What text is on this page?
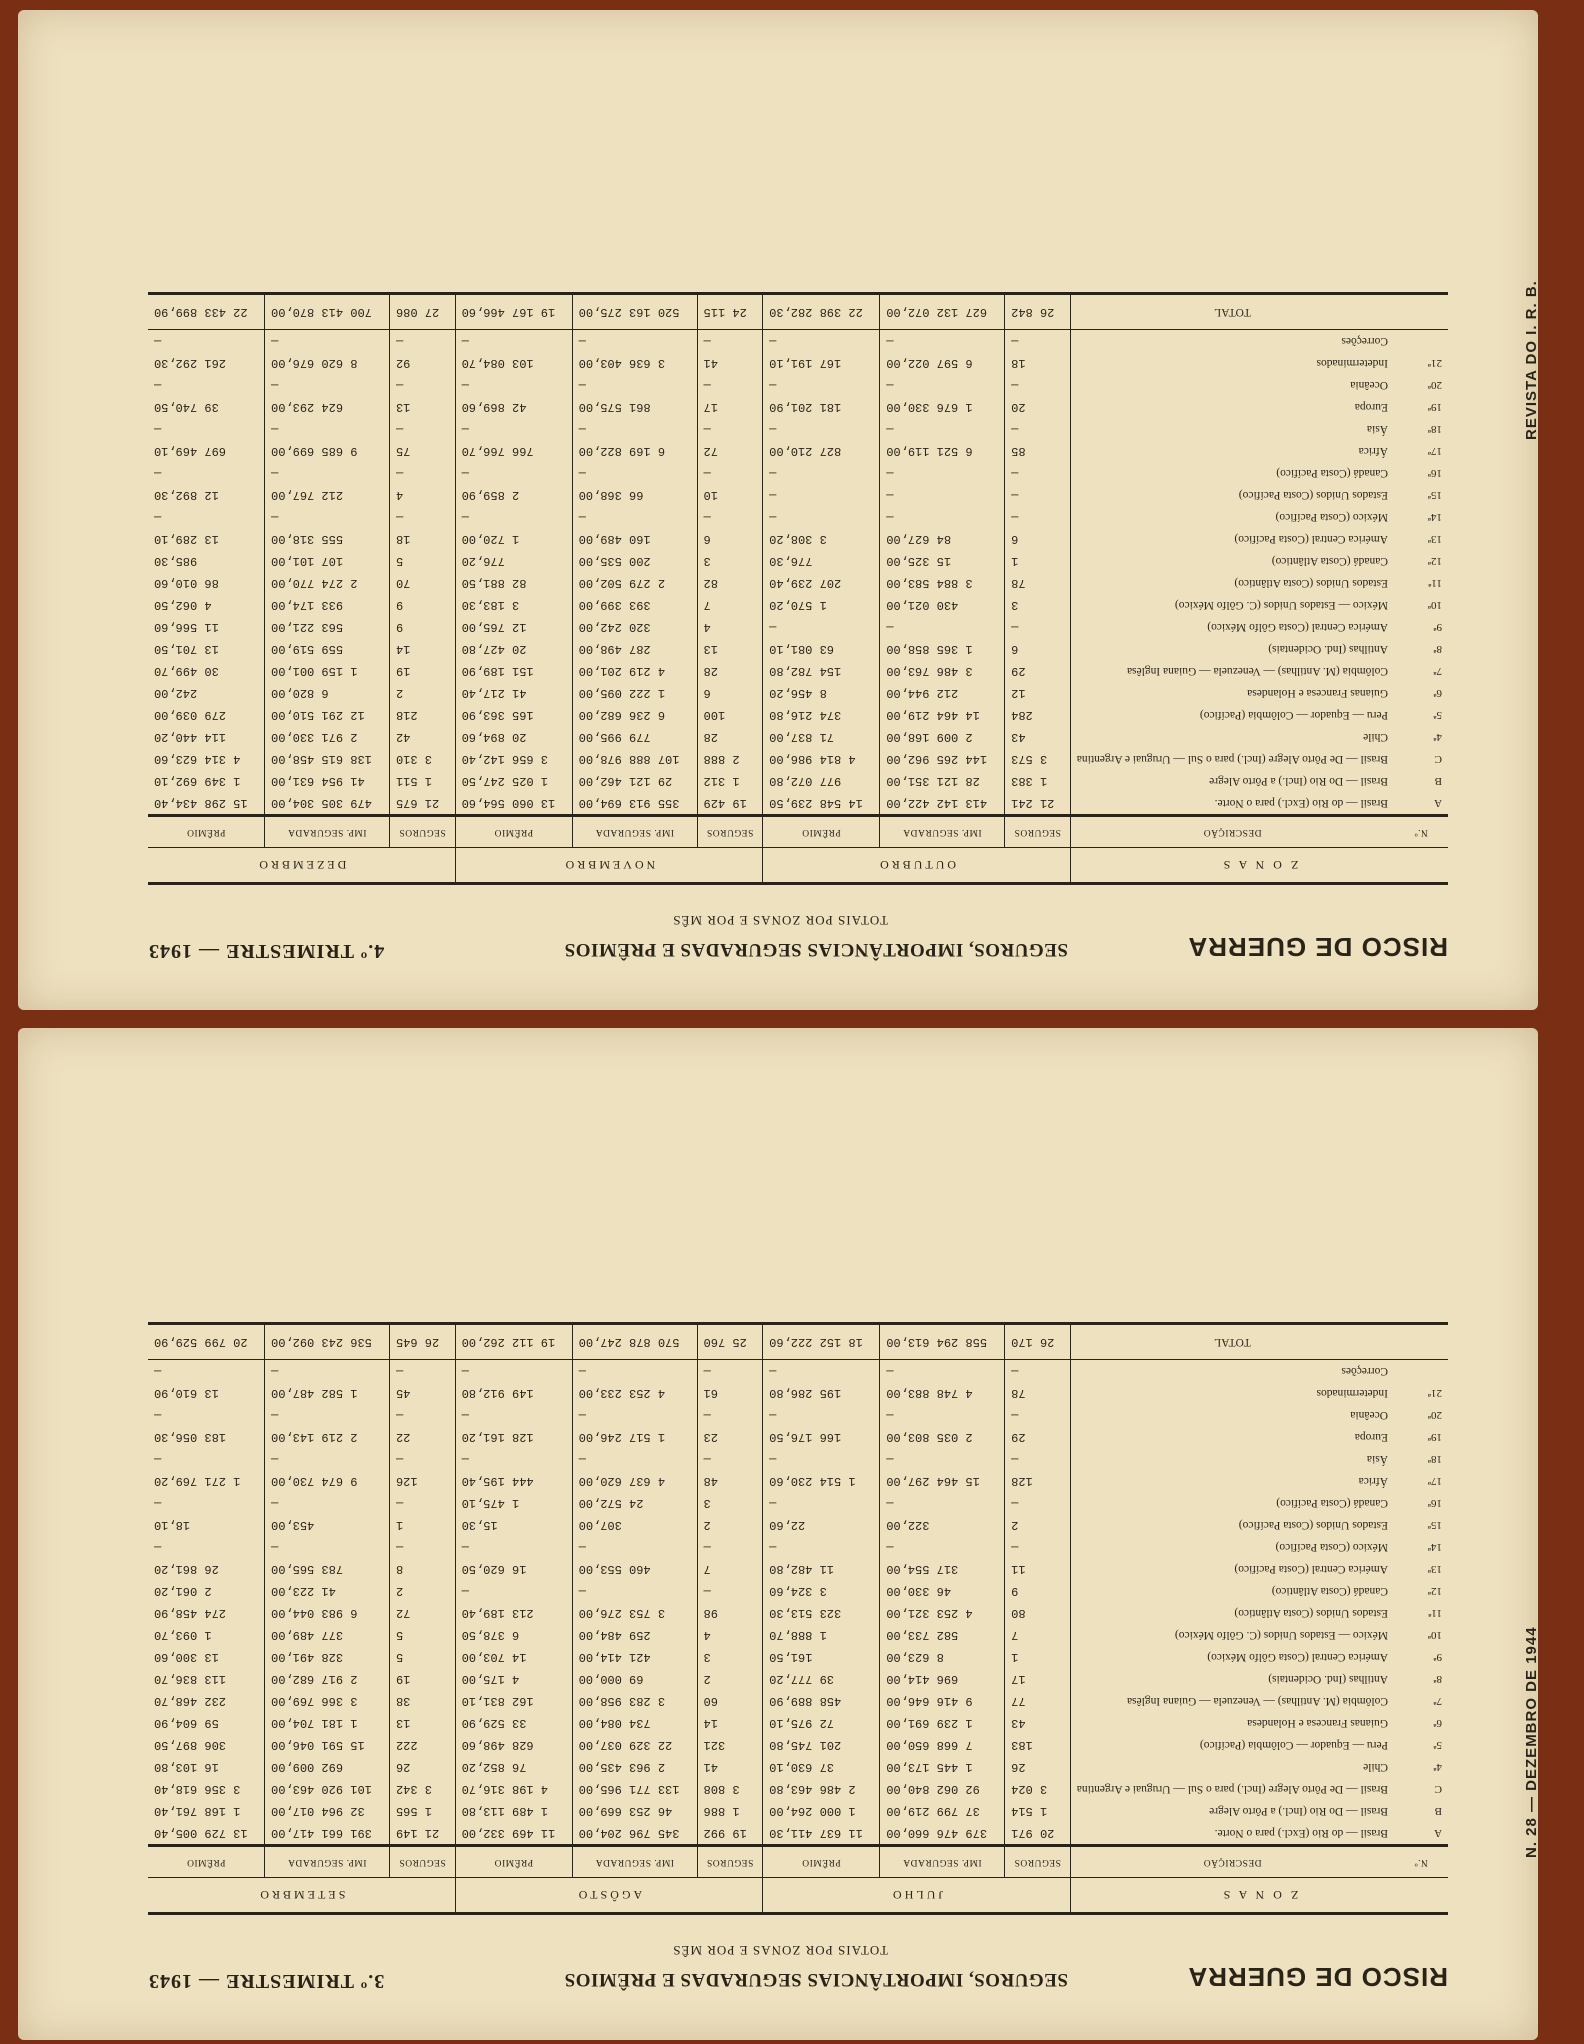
RISCO DE GUERRA
SEGUROS, IMPORTÂNCIAS SEGURADAS E PRÊMIOS
TOTAIS POR ZONAS E POR MÊS
4.º TRIMESTRE — 1943
Z O N A S		OUTUBRO			NOVEMBRO			DEZEMBRO		
N.º	DESCRIÇÃO	SEGUROS	IMP. SEGURADA	PRÊMIO	SEGUROS	IMP. SEGURADA	PRÊMIO	SEGUROS	IMP. SEGURADA	PRÊMIO
A	Brasil — do Rio (Excl.) para o Norte.	21 241	413 142 422,00	14 548 239,50	19 429	355 913 694,00	13 060 564,60	21 675	479 305 304,00	15 298 434,40
B	Brasil — Do Rio (Incl.) a Pôrto Alegre	1 383	28 121 351,00	977 072,80	1 312	29 121 462,00	1 025 247,50	1 511	41 954 631,00	1 349 692,10
C	Brasil — De Pôrto Alegre (Incl.) para o Sul — Uruguai e Argentina	3 573	144 265 962,00	4 814 986,00	2 888	107 888 978,00	3 656 142,40	3 310	138 615 458,00	4 314 623,60
4ª	Chile	43	2 009 168,00	71 837,00	28	779 995,00	20 894,60	42	2 971 330,00	114 440,20
5ª	Peru — Equador — Colômbia (Pacífico)	284	14 464 219,00	374 216,80	100	6 236 682,00	165 363,90	218	12 291 510,00	279 039,00
6ª	Guianas Francesa e Holandesa	12	212 944,00	8 456,20	6	1 222 095,00	41 217,40	2	6 820,00	242,00
7ª	Colômbia (M. Antilhas) — Venezuela — Guiana Inglêsa	29	3 486 763,00	154 782,80	28	4 219 201,00	151 189,90	19	1 159 001,00	30 499,70
8ª	Antilhas (Ind. Ocidentais)	6	1 365 858,00	63 081,10	13	287 498,00	20 427,80	14	559 519,00	13 701,50
9ª	América Central (Costa Gôlfo México)	—	—	—	4	320 242,00	12 765,00	9	563 221,00	11 566,60
10ª	México — Estados Unidos (C. Gôlfo México)	3	430 021,00	1 570,20	7	393 399,00	3 183,30	9	933 174,00	4 062,50
11ª	Estados Unidos (Costa Atlântico)	78	3 884 583,00	207 239,40	82	2 279 502,00	82 881,50	70	2 274 770,00	86 010,60
12ª	Canadá (Costa Atlântico)	1	15 325,00	776,30	3	200 535,00	776,20	5	107 101,00	985,30
13ª	América Central (Costa Pacífico)	6	84 627,00	3 308,20	6	160 489,00	1 720,00	18	555 318,00	13 289,10
14ª	México (Costa Pacífico)	—	—	—	—	—	—	—	—	—
15ª	Estados Unidos (Costa Pacífico)	—	—	—	10	66 368,00	2 859,90	4	212 767,00	12 892,30
16ª	Canadá (Costa Pacífico)	—	—	—	—	—	—	—	—	—
17ª	África	85	6 521 119,00	827 210,00	72	6 169 822,00	766 766,70	75	9 685 699,00	697 469,10
18ª	Ásia	—	—	—	—	—	—	—	—	—
19ª	Europa	20	1 676 330,00	181 201,90	17	861 575,00	42 869,60	13	624 293,00	39 740,50
20ª	Oceânia	—	—	—	—	—	—	—	—	—
21ª	Indeterminados	18	6 597 022,00	167 191,10	41	3 636 403,00	103 084,70	92	8 620 676,00	261 292,30
	Correções	—	—	—	—	—	—	—	—	—
	TOTAL	26 842	627 132 072,00	22 398 282,30	24 115	520 163 275,00	19 167 466,60	27 086	700 413 870,00	22 433 899,90	REVISTA DO I. R. B.
RISCO DE GUERRA
SEGUROS, IMPORTÂNCIAS SEGURADAS E PRÊMIOS
TOTAIS POR ZONAS E POR MÊS
3.º TRIMESTRE — 1943
Z O N A S		JULHO			AGÔSTO			SETEMBRO		
N.º	DESCRIÇÃO	SEGUROS	IMP. SEGURADA	PRÊMIO	SEGUROS	IMP. SEGURADA	PRÊMIO	SEGUROS	IMP. SEGURADA	PRÊMIO
A	Brasil — do Rio (Excl.) para o Norte.	20 971	379 476 660,00	11 637 411,30	19 992	345 796 204,00	11 469 332,00	21 149	391 661 417,00	13 729 005,40
B	Brasil — Do Rio (Incl.) a Pôrto Alegre	1 514	37 799 219,00	1 000 264,00	1 886	46 253 669,00	1 489 113,80	1 565	32 964 017,00	1 168 761,40
C	Brasil — De Pôrto Alegre (Incl.) para o Sul — Uruguai e Argentina	3 024	92 062 840,00	2 486 463,80	3 808	133 771 965,00	4 198 316,70	3 342	101 920 463,00	3 356 618,40
4ª	Chile	26	1 445 173,00	37 630,10	41	2 963 435,00	76 852,20	26	692 009,00	16 103,80
5ª	Peru — Equador — Colômbia (Pacífico)	183	7 668 650,00	201 745,80	321	22 329 037,00	628 498,60	222	15 591 046,00	306 897,50
6ª	Guianas Francesa e Holandesa	43	1 239 691,00	72 975,10	14	734 084,00	33 529,90	13	1 181 704,00	59 604,90
7ª	Colômbia (M. Antilhas) — Venezuela — Guiana Inglêsa	77	9 416 646,00	458 889,90	60	3 283 958,00	162 831,10	38	3 366 769,00	232 468,70
8ª	Antilhas (Ind. Ocidentais)	17	696 414,00	39 777,20	2	69 000,00	4 175,00	19	2 917 682,00	113 836,70
9ª	América Central (Costa Gôlfo México)	1	8 623,00	161,50	3	421 414,00	14 703,00	5	328 491,00	13 300,60
10ª	México — Estados Unidos (C. Gôlfo México)	7	582 733,00	1 888,70	4	259 484,00	6 378,50	5	377 489,00	1 093,70
11ª	Estados Unidos (Costa Atlântico)	80	4 253 321,00	323 513,30	98	3 753 276,00	213 189,40	72	6 983 044,00	274 458,90
12ª	Canadá (Costa Atlântico)	9	46 330,00	3 324,60	—	—	—	2	41 223,00	2 061,20
13ª	América Central (Costa Pacífico)	11	317 554,00	11 482,80	7	460 553,00	16 620,50	8	783 565,00	26 861,20
14ª	México (Costa Pacífico)	—	—	—	—	—	—	—	—	—
15ª	Estados Unidos (Costa Pacífico)	2	322,00	22,60	2	307,00	15,30	1	453,00	18,10
16ª	Canadá (Costa Pacífico)	—	—	—	3	24 572,00	1 475,10	—	—	—
17ª	África	128	15 464 297,00	1 514 230,60	48	4 637 620,00	444 195,40	126	9 674 730,00	1 271 769,20
18ª	Ásia	—	—	—	—	—	—	—	—	—
19ª	Europa	29	2 035 803,00	166 176,50	23	1 517 246,00	128 161,20	22	2 219 143,00	183 056,30
20ª	Oceânia	—	—	—	—	—	—	—	—	—
21ª	Indeterminados	78	4 748 883,00	195 286,80	61	4 253 233,00	149 912,80	45	1 582 487,00	13 610,90
	Correções	—	—	—	—	—	—	—	—	—
	TOTAL	26 170	558 294 613,00	18 152 222,60	25 760	570 878 247,00	19 112 262,00	26 645	536 243 092,00	20 799 529,90
N. 28 — DEZEMBRO DE 1944
